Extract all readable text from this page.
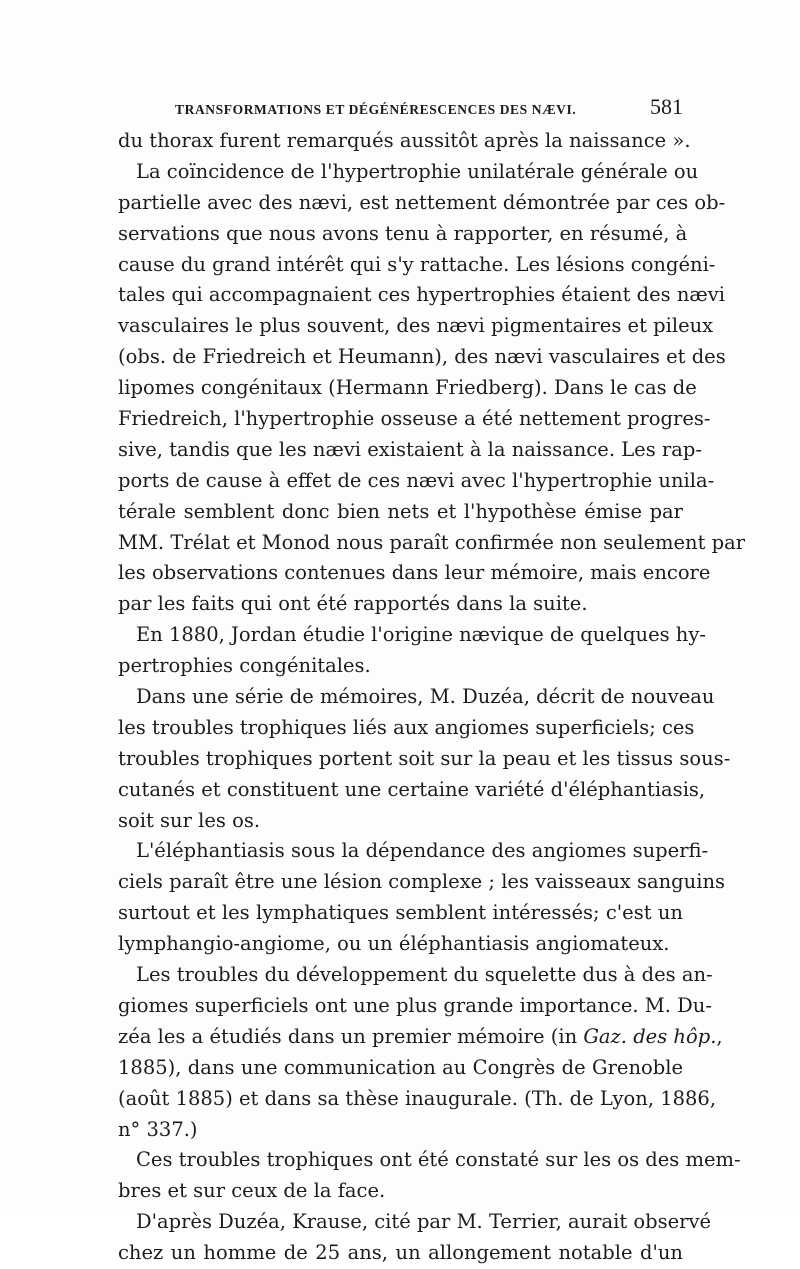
TRANSFORMATIONS ET DÉGÉNÉRESCENCES DES NÆVI.	581
du thorax furent remarqués aussitôt après la naissance ».
La coïncidence de l'hypertrophie unilatérale générale ou
partielle avec des nævi, est nettement démontrée par ces ob-
servations que nous avons tenu à rapporter, en résumé, à
cause du grand intérêt qui s'y rattache. Les lésions congéni-
tales qui accompagnaient ces hypertrophies étaient des nævi
vasculaires le plus souvent, des nævi pigmentaires et pileux
(obs. de Friedreich et Heumann), des nævi vasculaires et des
lipomes congénitaux (Hermann Friedberg). Dans le cas de
Friedreich, l'hypertrophie osseuse a été nettement progres-
sive, tandis que les nævi existaient à la naissance. Les rap-
ports de cause à effet de ces nævi avec l'hypertrophie unila-
térale semblent donc bien nets et l'hypothèse émise par
MM. Trélat et Monod nous paraît confirmée non seulement par
les observations contenues dans leur mémoire, mais encore
par les faits qui ont été rapportés dans la suite.
En 1880, Jordan étudie l'origine nævique de quelques hy-
pertrophies congénitales.
Dans une série de mémoires, M. Duzéa, décrit de nouveau
les troubles trophiques liés aux angiomes superficiels; ces
troubles trophiques portent soit sur la peau et les tissus sous-
cutanés et constituent une certaine variété d'éléphantiasis,
soit sur les os.
L'éléphantiasis sous la dépendance des angiomes superfi-
ciels paraît être une lésion complexe ; les vaisseaux sanguins
surtout et les lymphatiques semblent intéressés; c'est un
lymphangio-angiome, ou un éléphantiasis angiomateux.
Les troubles du développement du squelette dus à des an-
giomes superficiels ont une plus grande importance. M. Du-
zéa les a étudiés dans un premier mémoire (in Gaz. des hôp.,
1885), dans une communication au Congrès de Grenoble
(août 1885) et dans sa thèse inaugurale. (Th. de Lyon, 1886,
n° 337.)
Ces troubles trophiques ont été constaté sur les os des mem-
bres et sur ceux de la face.
D'après Duzéa, Krause, cité par M. Terrier, aurait observé
chez un homme de 25 ans, un allongement notable d'un
